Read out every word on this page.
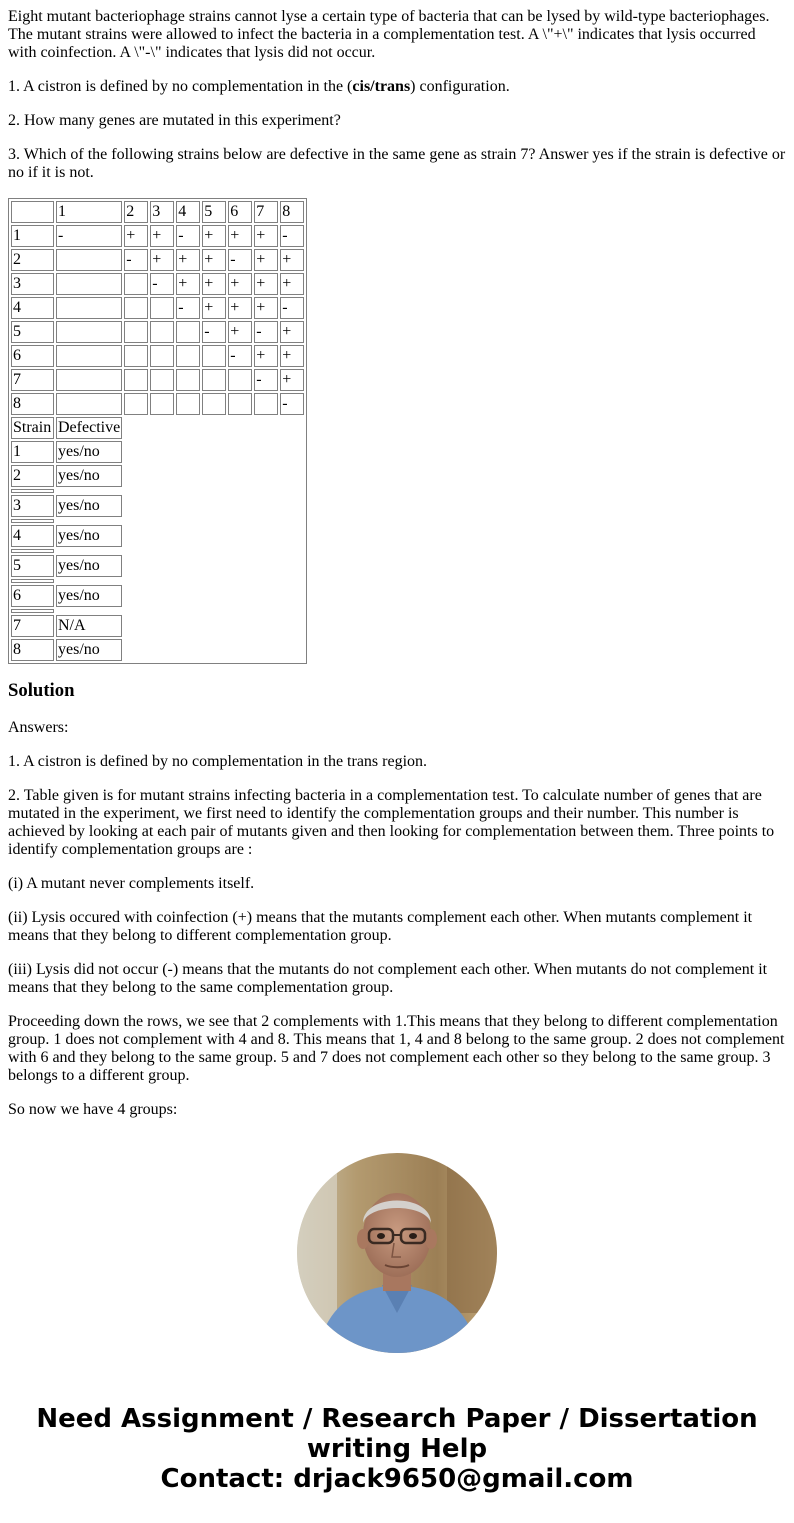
Eight mutant bacteriophage strains cannot lyse a certain type of bacteria that can be lysed by wild-type bacteriophages. The mutant strains were allowed to infect the bacteria in a complementation test. A \"+\" indicates that lysis occurred with coinfection. A \"-\" indicates that lysis did not occur.

1. A cistron is defined by no complementation in the (cis/trans) configuration.

2. How many genes are mutated in this experiment?

3. Which of the following strains below are defective in the same gene as strain 7? Answer yes if the strain is defective or no if it is not.

	1	2	3	4	5	6	7	8
1	-	+	+	-	+	+	+	-
2		-	+	+	+	-	+	+
3			-	+	+	+	+	+
4				-	+	+	+	-
5					-	+	-	+
6						-	+	+
7							-	+
8								-
Strain	Defective							
1	yes/no							
2	yes/no							

3	yes/no							

4	yes/no							

5	yes/no							

6	yes/no							

7	N/A							
8	yes/no							
Solution

Answers:

1. A cistron is defined by no complementation in the trans region.

2. Table given is for mutant strains infecting bacteria in a complementation test. To calculate number of genes that are mutated in the experiment, we first need to identify the complementation groups and their number. This number is achieved by looking at each pair of mutants given and then looking for complementation between them. Three points to identify complementation groups are :

(i) A mutant never complements itself.

(ii) Lysis occured with coinfection (+) means that the mutants complement each other. When mutants complement it means that they belong to different complementation group.

(iii) Lysis did not occur (-) means that the mutants do not complement each other. When mutants do not complement it means that they belong to the same complementation group.

Proceeding down the rows, we see that 2 complements with 1.This means that they belong to different complementation group. 1 does not complement with 4 and 8. This means that 1, 4 and 8 belong to the same group. 2 does not complement with 6 and they belong to the same group. 5 and 7 does not complement each other so they belong to the same group. 3 belongs to a different group.

So now we have 4 groups:

Need Assignment / Research Paper / Dissertation
writing Help
Contact: drjack9650@gmail.com
